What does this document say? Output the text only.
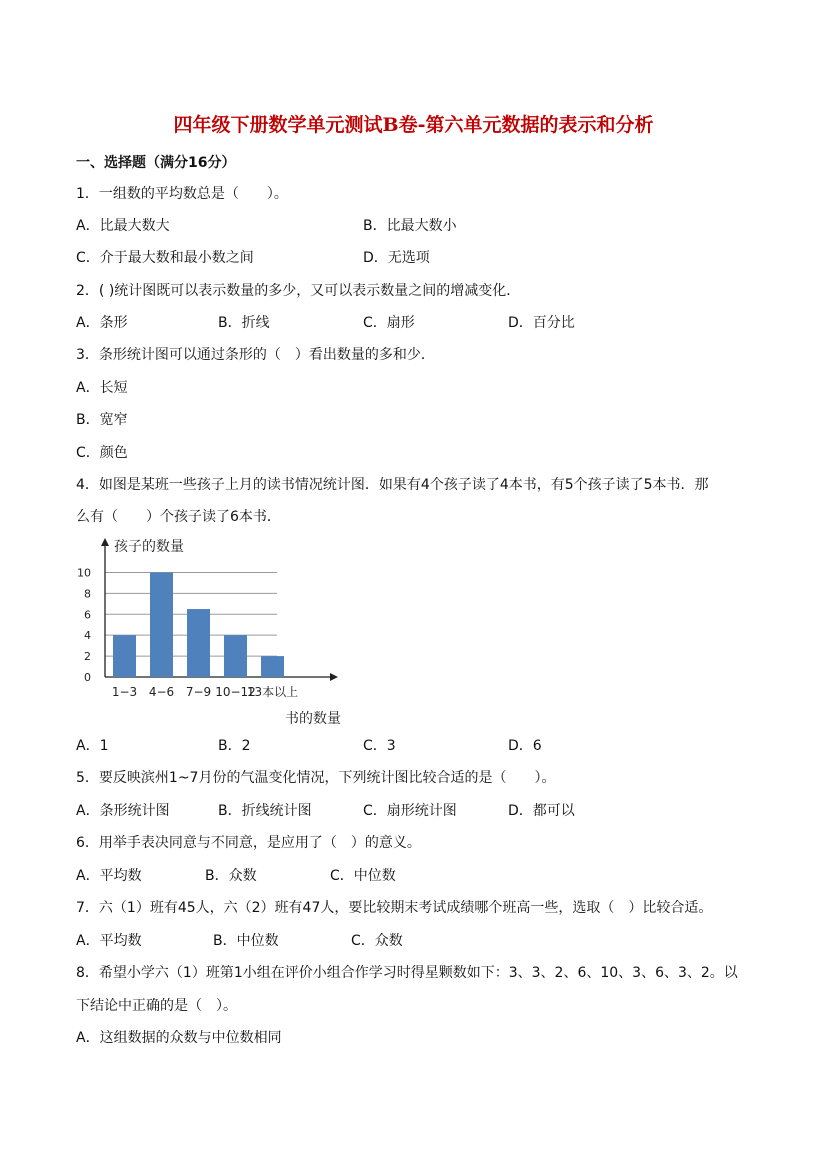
四年级下册数学单元测试B卷-第六单元数据的表示和分析
一、选择题（满分16分）
1．一组数的平均数总是（　　）。
A．比最大数大	B．比最大数小
C．介于最大数和最小数之间	D．无选项
2．( )统计图既可以表示数量的多少，又可以表示数量之间的增减变化．
A．条形	B．折线	C．扇形	D．百分比
3．条形统计图可以通过条形的（　）看出数量的多和少．
A．长短
B．宽窄
C．颜色
4．如图是某班一些孩子上月的读书情况统计图．如果有4个孩子读了4本书，有5个孩子读了5本书．那
么有（　　）个孩子读了6本书．
0
2
4
6
8
10
孩子的数量
书的数量
1−3 4−6 7−9 10−12
13本以上
A．1	B．2	C．3	D．6
5．要反映滨州1~7月份的气温变化情况，下列统计图比较合适的是（　　）。
A．条形统计图	B．折线统计图	C．扇形统计图	D．都可以
6．用举手表决同意与不同意，是应用了（　）的意义。
A．平均数	B．众数	C．中位数
7．六（1）班有45人，六（2）班有47人，要比较期末考试成绩哪个班高一些，选取（　）比较合适。
A．平均数	B．中位数	C．众数
8．希望小学六（1）班第1小组在评价小组合作学习时得星颗数如下：3、3、2、6、10、3、6、3、2。以
下结论中正确的是（　）。
A．这组数据的众数与中位数相同
